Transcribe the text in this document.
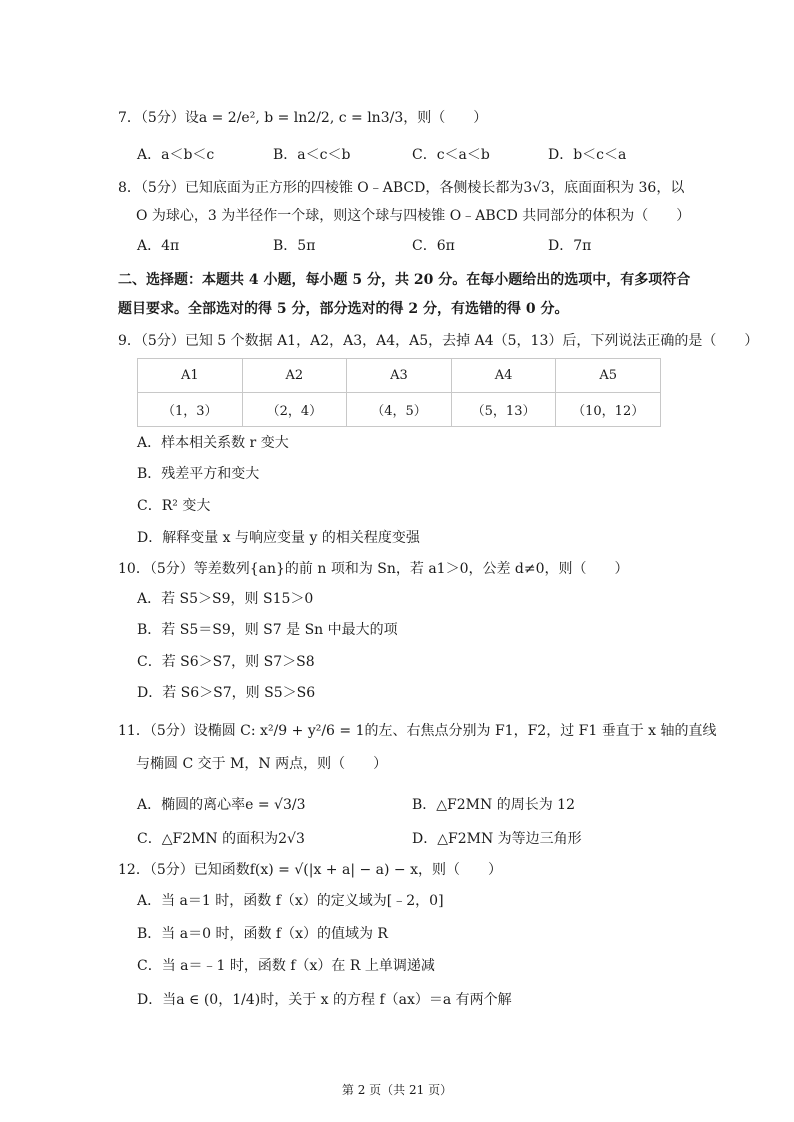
7．（5分）设a = 2/e², b = ln2/2, c = ln3/3，则（　　）
A．a＜b＜c	B．a＜c＜b	C．c＜a＜b	D．b＜c＜a
8．（5分）已知底面为正方形的四棱锥 O﹣ABCD，各侧棱长都为3√3，底面面积为 36，以
O 为球心，3 为半径作一个球，则这个球与四棱锥 O﹣ABCD 共同部分的体积为（　　）
A．4π	B．5π	C．6π	D．7π
二、选择题：本题共 4 小题，每小题 5 分，共 20 分。在每小题给出的选项中，有多项符合
题目要求。全部选对的得 5 分，部分选对的得 2 分，有选错的得 0 分。
9．（5分）已知 5 个数据 A1，A2，A3，A4，A5，去掉 A4（5，13）后，下列说法正确的是（　　）
A1	A2	A3	A4	A5
（1，3）	（2，4）	（4，5）	（5，13）	（10，12）
A．样本相关系数 r 变大
B．残差平方和变大
C．R² 变大
D．解释变量 x 与响应变量 y 的相关程度变强
10．（5分）等差数列{an}的前 n 项和为 Sn，若 a1＞0，公差 d≠0，则（　　）
A．若 S5＞S9，则 S15＞0
B．若 S5＝S9，则 S7 是 Sn 中最大的项
C．若 S6＞S7，则 S7＞S8
D．若 S6＞S7，则 S5＞S6
11．（5分）设椭圆 C: x²/9 + y²/6 = 1的左、右焦点分别为 F1，F2，过 F1 垂直于 x 轴的直线
与椭圆 C 交于 M，N 两点，则（　　）
A．椭圆的离心率e = √3/3	B．△F2MN 的周长为 12
C．△F2MN 的面积为2√3	D．△F2MN 为等边三角形
12．（5分）已知函数f(x) = √(|x + a| − a) − x，则（　　）
A．当 a＝1 时，函数 f（x）的定义域为[﹣2，0]
B．当 a＝0 时，函数 f（x）的值域为 R
C．当 a＝﹣1 时，函数 f（x）在 R 上单调递减
D．当a ∈ (0，1/4)时，关于 x 的方程 f（ax）＝a 有两个解
第 2 页（共 21 页）
